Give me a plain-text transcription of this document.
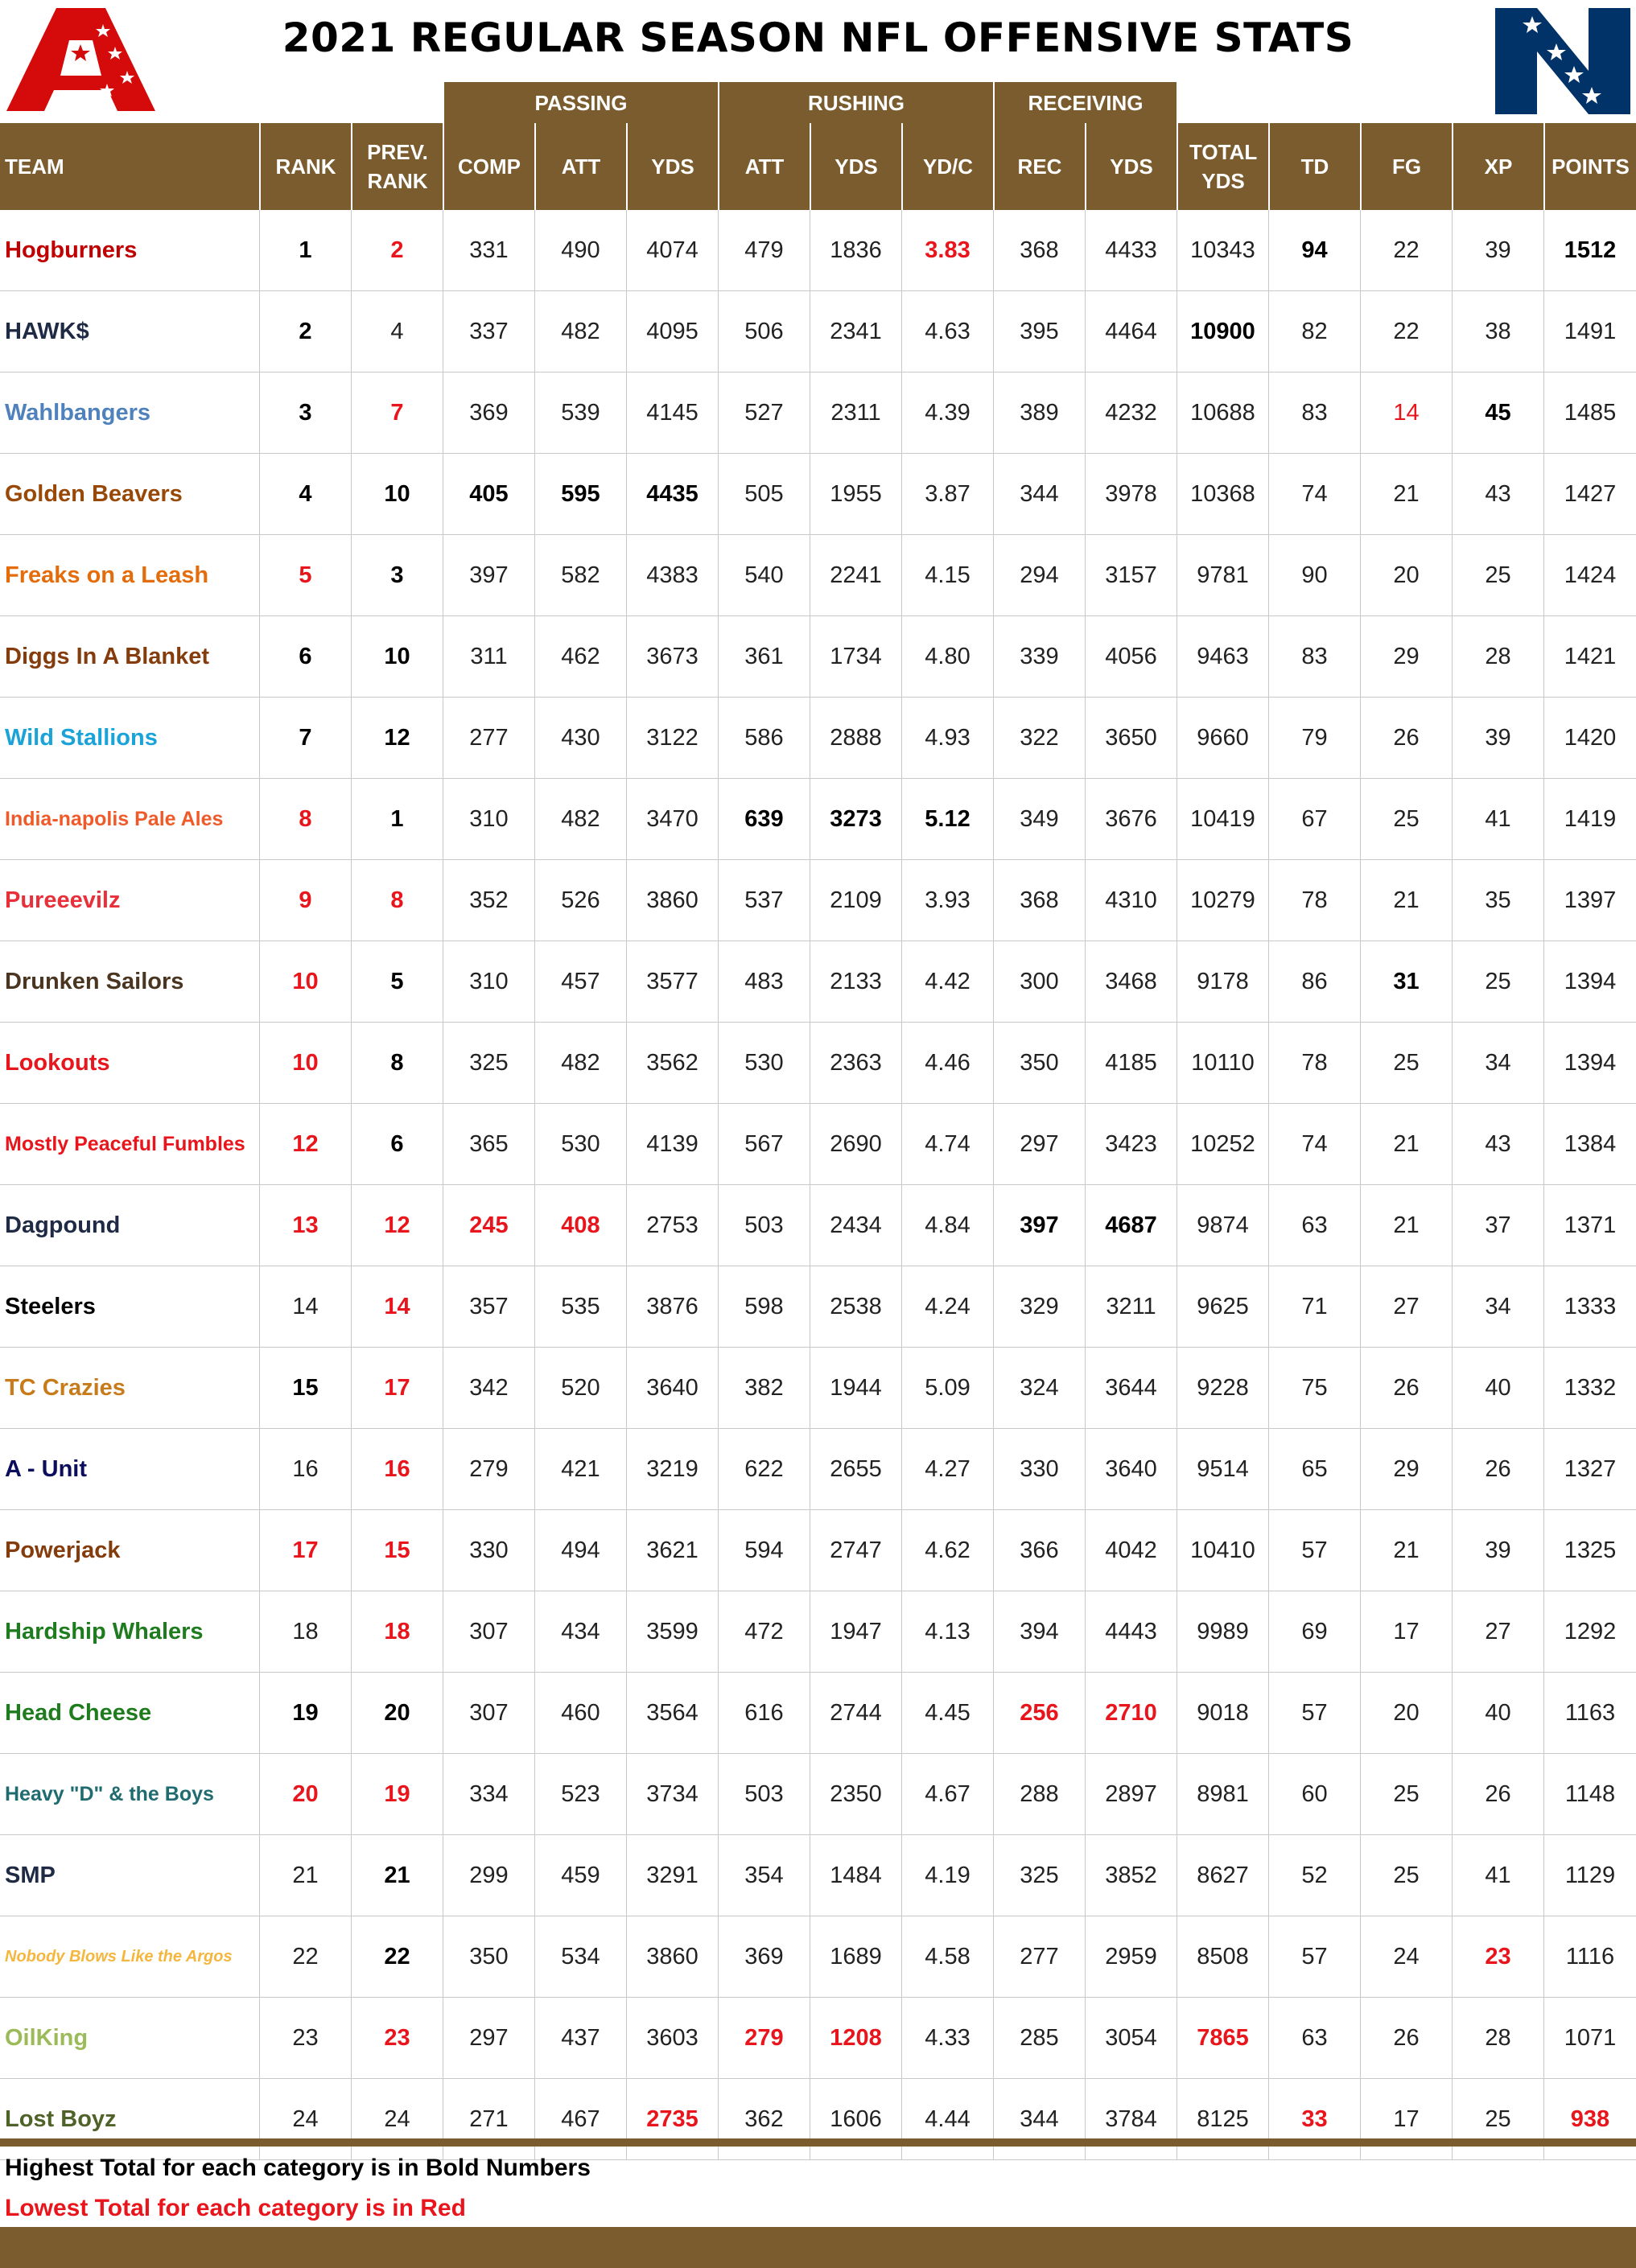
2021 REGULAR SEASON NFL OFFENSIVE STATS
PASSING	RUSHING	RECEIVING
TEAM	RANK
PREV. RANK
COMP	ATT	YDS	ATT	YDS	YD/C	REC	YDS
TOTAL YDS
TD	FG	XP	POINTS
Hogburners	1	2	331	490	4074	479	1836	3.83	368	4433	10343	94	22	39	1512
HAWK$	2	4	337	482	4095	506	2341	4.63	395	4464	10900	82	22	38	1491
Wahlbangers	3	7	369	539	4145	527	2311	4.39	389	4232	10688	83	14	45	1485
Golden Beavers	4	10	405	595	4435	505	1955	3.87	344	3978	10368	74	21	43	1427
Freaks on a Leash	5	3	397	582	4383	540	2241	4.15	294	3157	9781	90	20	25	1424
Diggs In A Blanket	6	10	311	462	3673	361	1734	4.80	339	4056	9463	83	29	28	1421
Wild Stallions	7	12	277	430	3122	586	2888	4.93	322	3650	9660	79	26	39	1420
India-napolis Pale Ales	8	1	310	482	3470	639	3273	5.12	349	3676	10419	67	25	41	1419
Pureeevilz	9	8	352	526	3860	537	2109	3.93	368	4310	10279	78	21	35	1397
Drunken Sailors	10	5	310	457	3577	483	2133	4.42	300	3468	9178	86	31	25	1394
Lookouts	10	8	325	482	3562	530	2363	4.46	350	4185	10110	78	25	34	1394
Mostly Peaceful Fumbles	12	6	365	530	4139	567	2690	4.74	297	3423	10252	74	21	43	1384
Dagpound	13	12	245	408	2753	503	2434	4.84	397	4687	9874	63	21	37	1371
Steelers	14	14	357	535	3876	598	2538	4.24	329	3211	9625	71	27	34	1333
TC Crazies	15	17	342	520	3640	382	1944	5.09	324	3644	9228	75	26	40	1332
A - Unit	16	16	279	421	3219	622	2655	4.27	330	3640	9514	65	29	26	1327
Powerjack	17	15	330	494	3621	594	2747	4.62	366	4042	10410	57	21	39	1325
Hardship Whalers	18	18	307	434	3599	472	1947	4.13	394	4443	9989	69	17	27	1292
Head Cheese	19	20	307	460	3564	616	2744	4.45	256	2710	9018	57	20	40	1163
Heavy "D" & the Boys	20	19	334	523	3734	503	2350	4.67	288	2897	8981	60	25	26	1148
SMP	21	21	299	459	3291	354	1484	4.19	325	3852	8627	52	25	41	1129
Nobody Blows Like the Argos	22	22	350	534	3860	369	1689	4.58	277	2959	8508	57	24	23	1116
OilKing	23	23	297	437	3603	279	1208	4.33	285	3054	7865	63	26	28	1071
Lost Boyz	24	24	271	467	2735	362	1606	4.44	344	3784	8125	33	17	25	938
Highest Total for each category is in Bold Numbers
Lowest Total for each category is in Red
